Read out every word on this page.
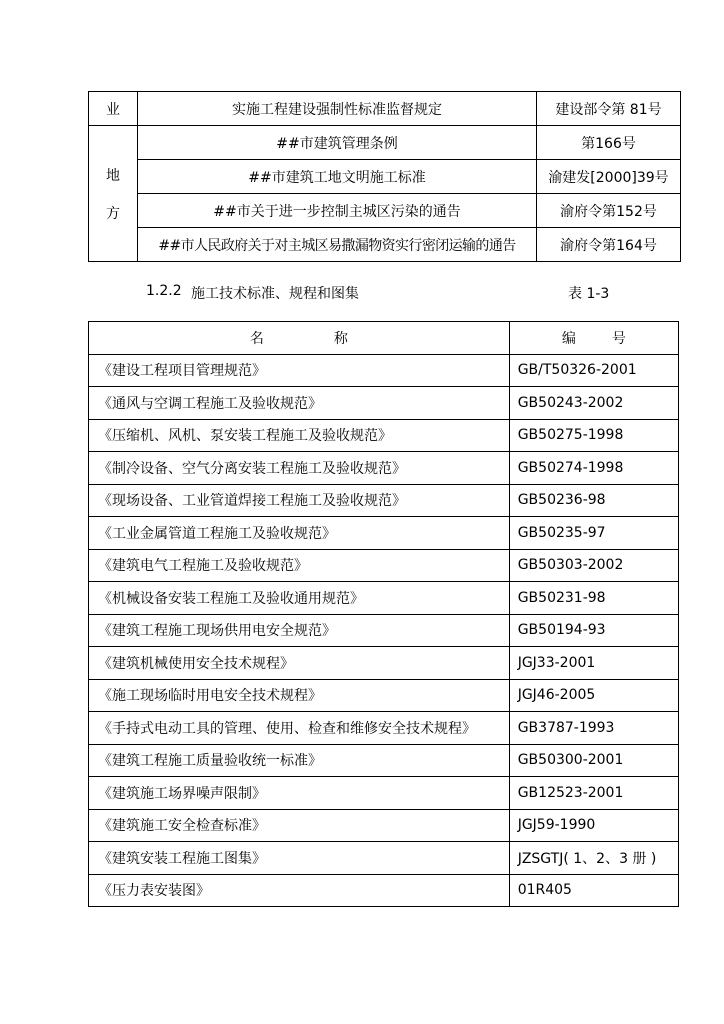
业	实施工程建设强制性标准监督规定	建设部令第 81号

地
方	##市建筑管理条例	第166号
	##市建筑工地文明施工标准	渝建发[2000]39号
	##市关于进一步控制主城区污染的通告	渝府令第152号
	##市人民政府关于对主城区易撒漏物资实行密闭运输的通告	渝府令第164号
1.2.2 施工技术标准、规程和图集	表 1-3
名称	编号
《建设工程项目管理规范》	GB/T50326-2001
《通风与空调工程施工及验收规范》	GB50243-2002
《压缩机、风机、泵安装工程施工及验收规范》	GB50275-1998
《制冷设备、空气分离安装工程施工及验收规范》	GB50274-1998
《现场设备、工业管道焊接工程施工及验收规范》	GB50236-98
《工业金属管道工程施工及验收规范》	GB50235-97
《建筑电气工程施工及验收规范》	GB50303-2002
《机械设备安装工程施工及验收通用规范》	GB50231-98
《建筑工程施工现场供用电安全规范》	GB50194-93
《建筑机械使用安全技术规程》	JGJ33-2001
《施工现场临时用电安全技术规程》	JGJ46-2005
《手持式电动工具的管理、使用、检查和维修安全技术规程》	GB3787-1993
《建筑工程施工质量验收统一标准》	GB50300-2001
《建筑施工场界噪声限制》	GB12523-2001
《建筑施工安全检查标准》	JGJ59-1990
《建筑安装工程施工图集》	JZSGTJ( 1、2、3 册 )
《压力表安装图》	01R405
